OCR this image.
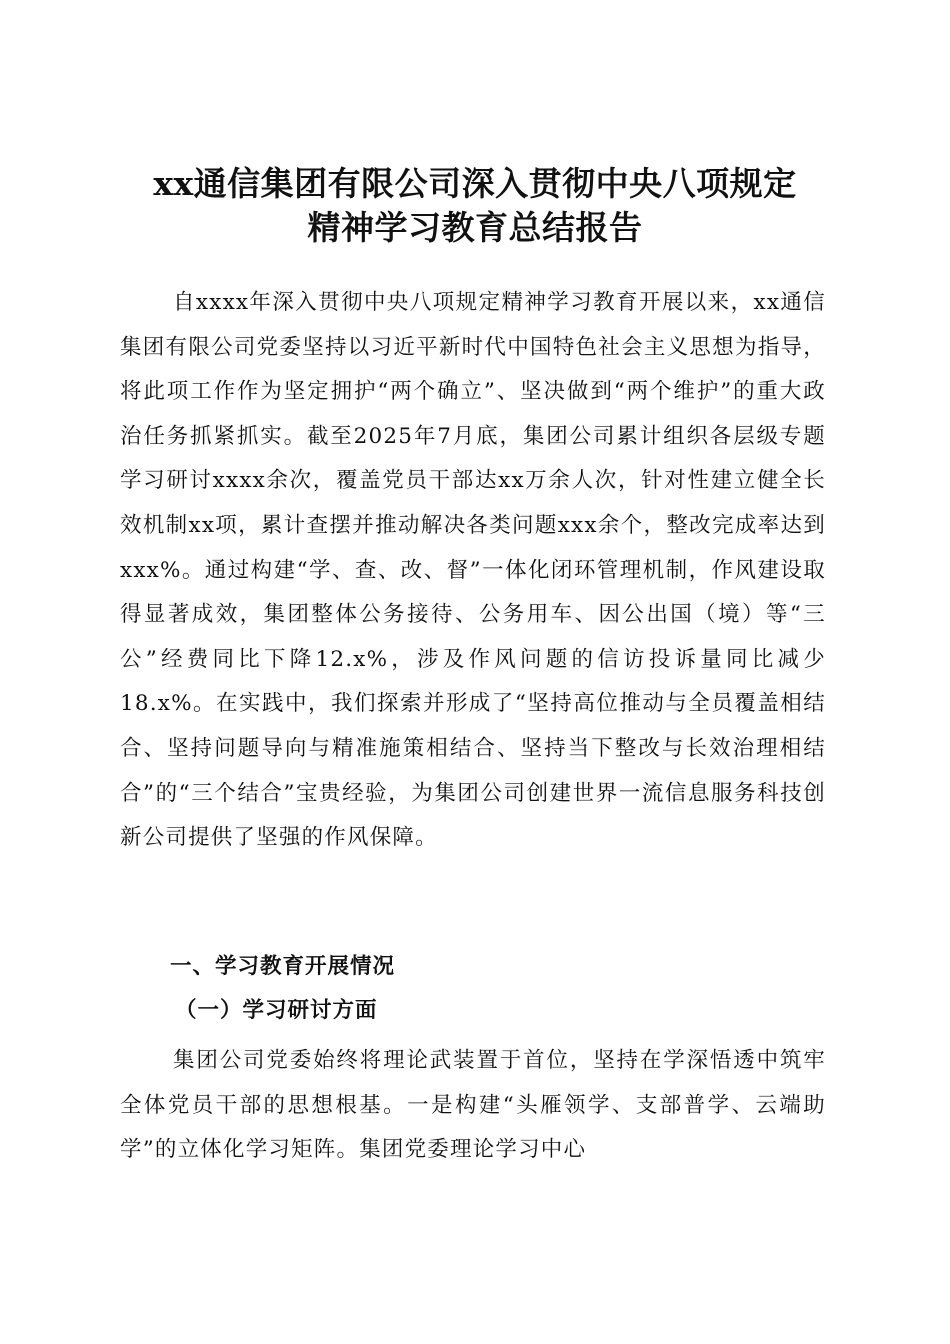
xx通信集团有限公司深入贯彻中央八项规定
精神学习教育总结报告

自xxxx年深入贯彻中央八项规定精神学习教育开展以来，xx通信集团有限公司党委坚持以习近平新时代中国特色社会主义思想为指导，将此项工作作为坚定拥护“两个确立”、坚决做到“两个维护”的重大政治任务抓紧抓实。截至2025年7月底，集团公司累计组织各层级专题学习研讨xxxx余次，覆盖党员干部达xx万余人次，针对性建立健全长效机制xx项，累计查摆并推动解决各类问题xxx余个，整改完成率达到xxx%。通过构建“学、查、改、督”一体化闭环管理机制，作风建设取得显著成效，集团整体公务接待、公务用车、因公出国（境）等“三公”经费同比下降12.x%，涉及作风问题的信访投诉量同比减少18.x%。在实践中，我们探索并形成了“坚持高位推动与全员覆盖相结合、坚持问题导向与精准施策相结合、坚持当下整改与长效治理相结合”的“三个结合”宝贵经验，为集团公司创建世界一流信息服务科技创新公司提供了坚强的作风保障。

一、学习教育开展情况
（一）学习研讨方面

集团公司党委始终将理论武装置于首位，坚持在学深悟透中筑牢全体党员干部的思想根基。一是构建“头雁领学、支部普学、云端助学”的立体化学习矩阵。集团党委理论学习中心
